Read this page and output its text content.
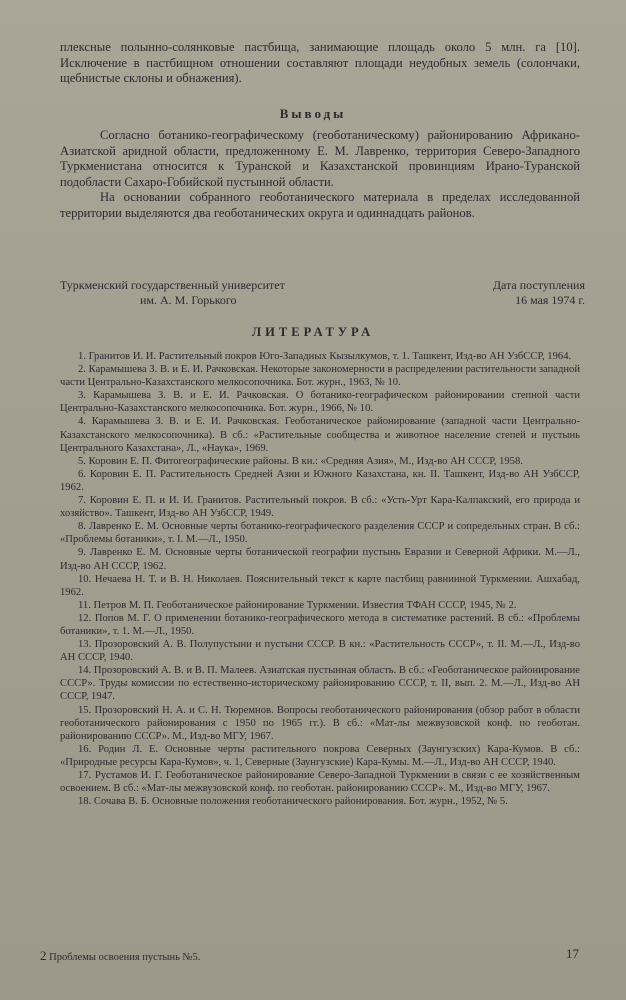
плексные полынно-солянковые пастбища, занимающие площадь около 5 млн. га [10]. Исключение в пастбищном отношении составляют площади неудобных земель (солончаки, щебнистые склоны и обнажения).

Выводы

Согласно ботанико-географическому (геоботаническому) районированию Африкано-Азиатской аридной области, предложенному Е. М. Лавренко, территория Северо-Западного Туркменистана относится к Туранской и Казахстанской провинциям Ирано-Туранской подобласти Сахаро-Гобийской пустынной области.

На основании собранного геоботанического материала в пределах исследованной территории выделяются два геоботанических округа и одиннадцать районов.

Туркменский государственный университет
им. А. М. Горького
Дата поступления
16 мая 1974 г.
ЛИТЕРАТУРА
1. Гранитов И. И. Растительный покров Юго-Западных Кызылкумов, т. 1. Ташкент, Изд-во АН УзбССР, 1964.
2. Карамышева З. В. и Е. И. Рачковская. Некоторые закономерности в распределении растительности западной части Центрально-Казахстанского мелкосопочника. Бот. журн., 1963, № 10.
3. Карамышева З. В. и Е. И. Рачковская. О ботанико-географическом районировании степной части Центрально-Казахстанского мелкосопочника. Бот. журн., 1966, № 10.
4. Карамышева З. В. и Е. И. Рачковская. Геоботаническое районирование (западной части Центрально-Казахстанского мелкосопочника). В сб.: «Растительные сообщества и животное население степей и пустынь Центрального Казахстана», Л., «Наука», 1969.
5. Коровин Е. П. Фитогеографические районы. В кн.: «Средняя Азия», М., Изд-во АН СССР, 1958.
6. Коровин Е. П. Растительность Средней Азии и Южного Казахстана, кн. II. Ташкент, Изд-во АН УзбССР, 1962.
7. Коровин Е. П. и И. И. Гранитов. Растительный покров. В сб.: «Усть-Урт Кара-Калпакский, его природа и хозяйство». Ташкент, Изд-во АН УзбССР, 1949.
8. Лавренко Е. М. Основные черты ботанико-географического разделения СССР и сопредельных стран. В сб.: «Проблемы ботаники», т. I. М.—Л., 1950.
9. Лавренко Е. М. Основные черты ботанической географии пустынь Евразии и Северной Африки. М.—Л., Изд-во АН СССР, 1962.
10. Нечаева Н. Т. и В. Н. Николаев. Пояснительный текст к карте пастбищ равнинной Туркмении. Ашхабад, 1962.
11. Петров М. П. Геоботаническое районирование Туркмении. Известия ТФАН СССР, 1945, № 2.
12. Попов М. Г. О применении ботанико-географического метода в систематике растений. В сб.: «Проблемы ботаники», т. 1. М.—Л., 1950.
13. Прозоровский А. В. Полупустыни и пустыни СССР. В кн.: «Растительность СССР», т. II. М.—Л., Изд-во АН СССР, 1940.
14. Прозоровский А. В. и В. П. Малеев. Азиатская пустынная область. В сб.: «Геоботаническое районирование СССР». Труды комиссии по естественно-историческому районированию СССР, т. II, вып. 2. М.—Л., Изд-во АН СССР, 1947.
15. Прозоровский Н. А. и С. Н. Тюремнов. Вопросы геоботанического районирования (обзор работ в области геоботанического районирования с 1950 по 1965 гг.). В сб.: «Мат-лы межвузовской конф. по геоботан. районированию СССР». М., Изд-во МГУ, 1967.
16. Родин Л. Е. Основные черты растительного покрова Северных (Заунгузских) Кара-Кумов. В сб.: «Природные ресурсы Кара-Кумов», ч. 1, Северные (Заунгузские) Кара-Кумы. М.—Л., Изд-во АН СССР, 1940.
17. Рустамов И. Г. Геоботаническое районирование Северо-Западной Туркмении в связи с ее хозяйственным освоением. В сб.: «Мат-лы межвузовской конф. по геоботан. районированию СССР». М., Изд-во МГУ, 1967.
18. Сочава В. Б. Основные положения геоботанического районирования. Бот. журн., 1952, № 5.
2 Проблемы освоения пустынь №5.	17
